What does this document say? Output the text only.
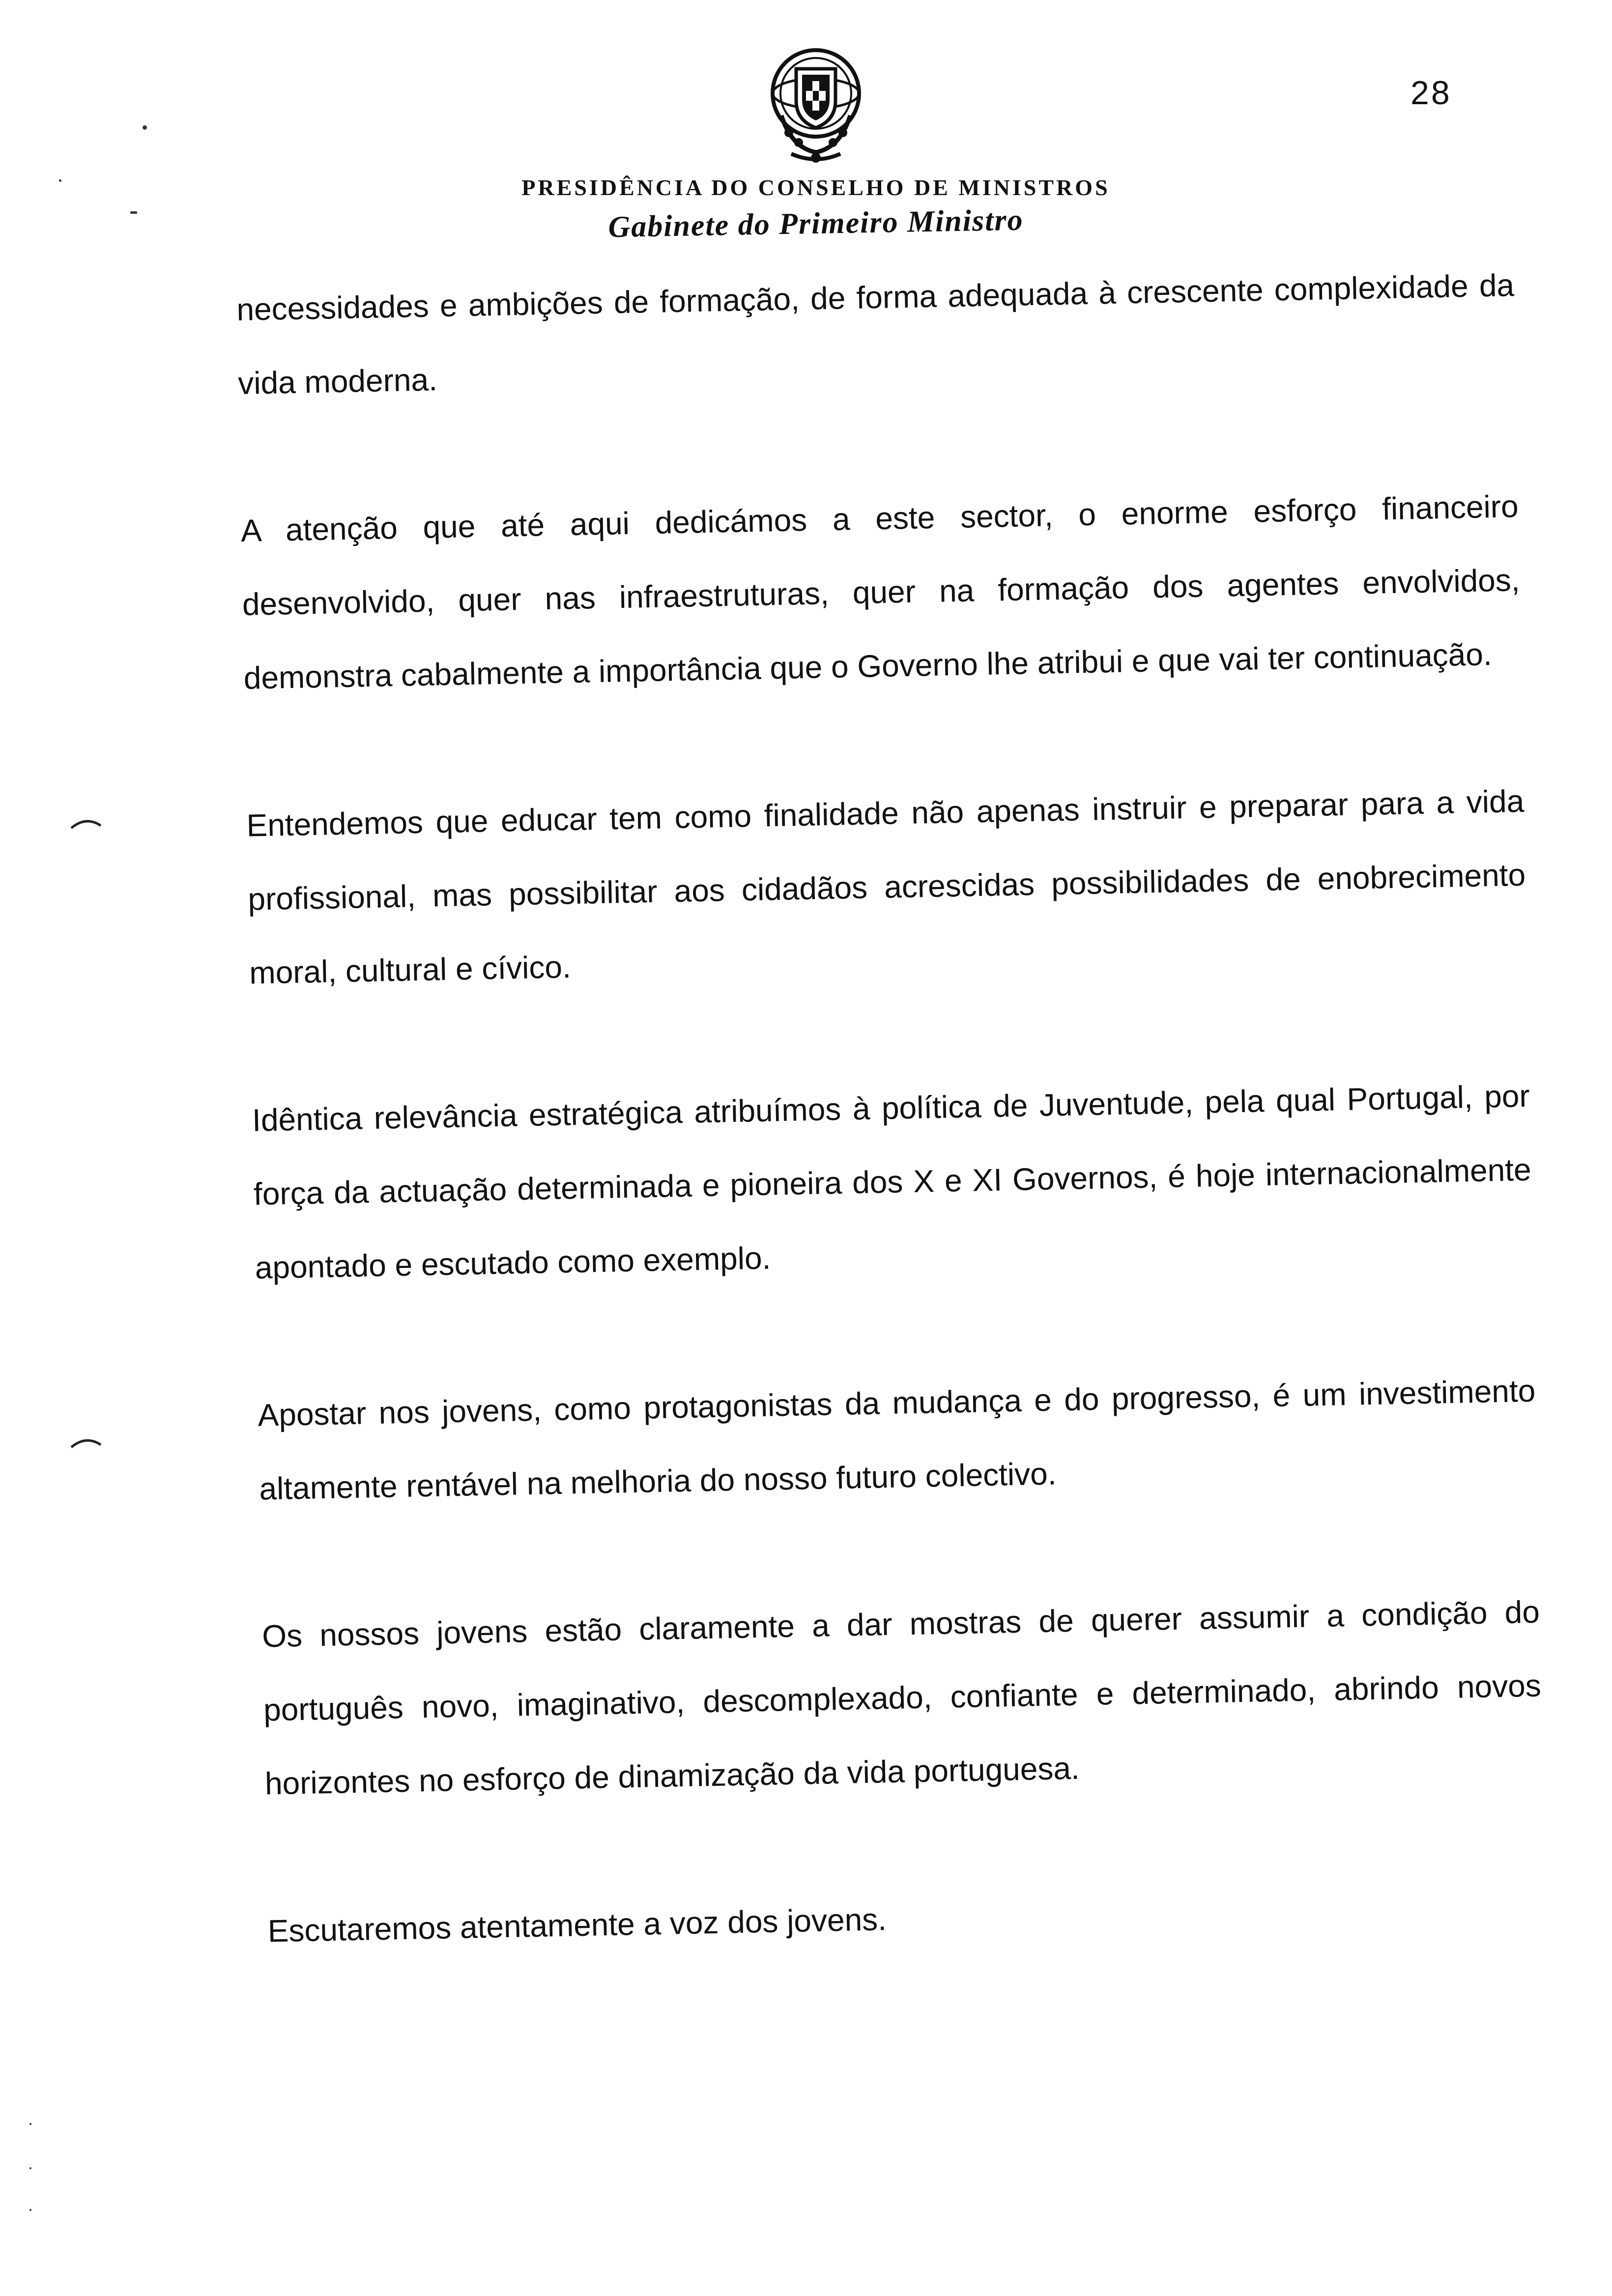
28
PRESIDÊNCIA DO CONSELHO DE MINISTROS
Gabinete do Primeiro Ministro

necessidades e ambições de formação, de forma adequada à crescente complexidade da vida moderna.

A atenção que até aqui dedicámos a este sector, o enorme esforço financeiro desenvolvido, quer nas infraestruturas, quer na formação dos agentes envolvidos, demonstra cabalmente a importância que o Governo lhe atribui e que vai ter continuação.

Entendemos que educar tem como finalidade não apenas instruir e preparar para a vida profissional, mas possibilitar aos cidadãos acrescidas possibilidades de enobrecimento moral, cultural e cívico.

Idêntica relevância estratégica atribuímos à política de Juventude, pela qual Portugal, por força da actuação determinada e pioneira dos X e XI Governos, é hoje internacionalmente apontado e escutado como exemplo.

Apostar nos jovens, como protagonistas da mudança e do progresso, é um investimento altamente rentável na melhoria do nosso futuro colectivo.

Os nossos jovens estão claramente a dar mostras de querer assumir a condição do português novo, imaginativo, descomplexado, confiante e determinado, abrindo novos horizontes no esforço de dinamização da vida portuguesa.

Escutaremos atentamente a voz dos jovens.
